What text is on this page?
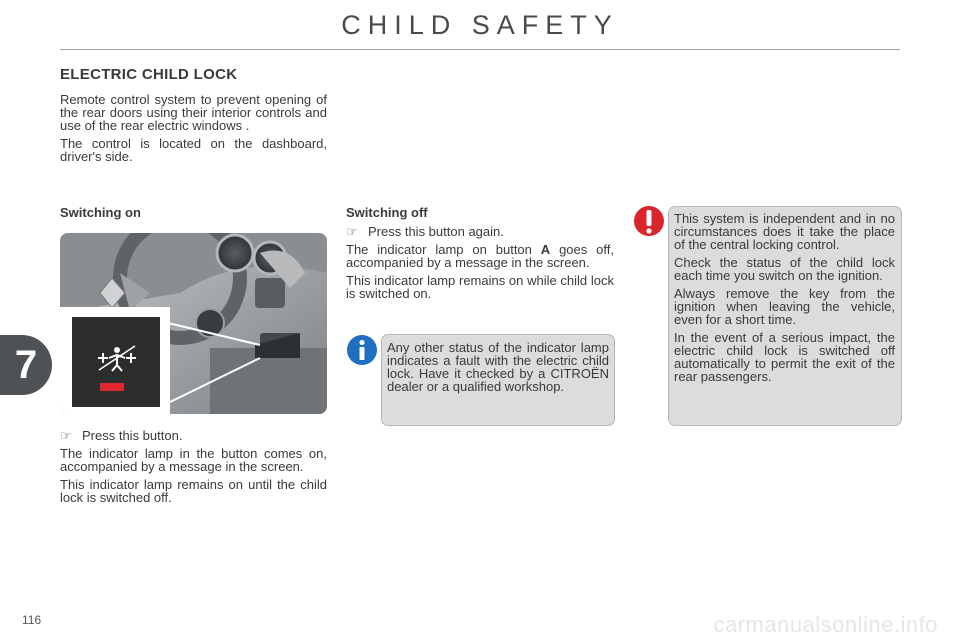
CHILD SAFETY
ELECTRIC CHILD LOCK

Remote control system to prevent opening of the rear doors using their interior controls and use of the rear electric windows .

The control is located on the dashboard, driver's side.

Switching on

☞ Press this button.

The indicator lamp in the button comes on, accompanied by a message in the screen.

This indicator lamp remains on until the child lock is switched off.

Switching off

☞ Press this button again.

The indicator lamp on button A goes off, accompanied by a message in the screen.

This indicator lamp remains on while child lock is switched on.

Any other status of the indicator lamp indicates a fault with the electric child lock. Have it checked by a CITROËN dealer or a qualified workshop.

This system is independent and in no circumstances does it take the place of the central locking control.

Check the status of the child lock each time you switch on the ignition.

Always remove the key from the ignition when leaving the vehicle, even for a short time.

In the event of a serious impact, the electric child lock is switched off automatically to permit the exit of the rear passengers.

7
116	carmanualsonline.info
